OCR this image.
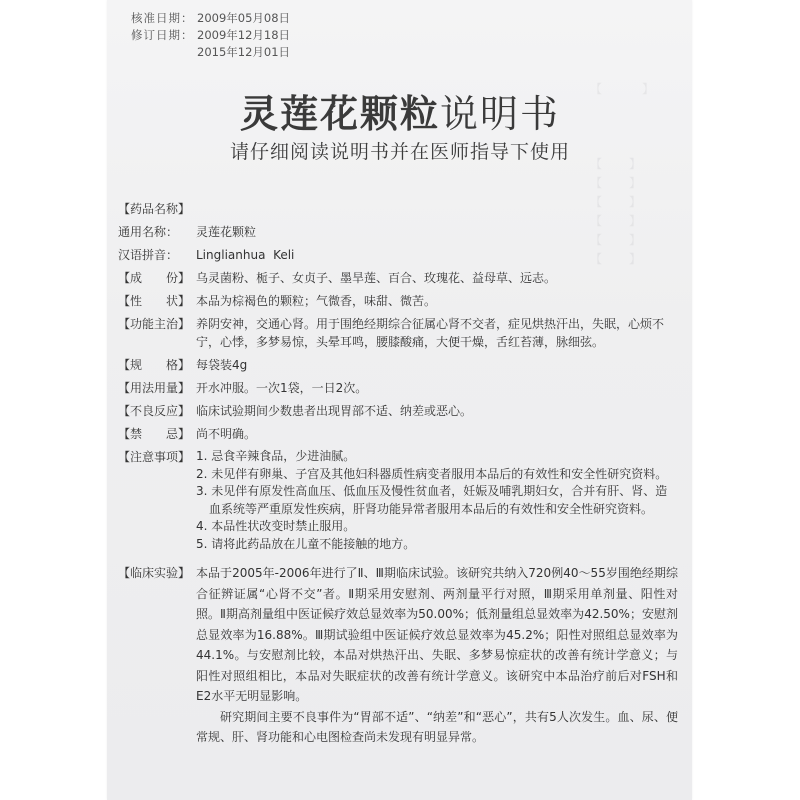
【　　　】
【　　】
【　　】
【　　】
【　　】
【　　】
【　　】
核准日期： 2009年05月08日
修订日期： 2009年12月18日
2015年12月01日
灵莲花颗粒说明书
请仔细阅读说明书并在医师指导下使用
【药品名称】
通用名称：	灵莲花颗粒
汉语拼音：	Linglianhua  Keli
【成　　份】 乌灵菌粉、栀子、女贞子、墨旱莲、百合、玫瑰花、益母草、远志。
【性　　状】 本品为棕褐色的颗粒；气微香，味甜、微苦。
【功能主治】 养阴安神，交通心肾。用于围绝经期综合征属心肾不交者，症见烘热汗出，失眠，心烦不宁，心悸，多梦易惊，头晕耳鸣，腰膝酸痛，大便干燥，舌红苔薄，脉细弦。
【规　　格】 每袋装4g
【用法用量】 开水冲服。一次1袋，一日2次。
【不良反应】 临床试验期间少数患者出现胃部不适、纳差或恶心。
【禁　　忌】 尚不明确。
【注意事项】 1. 忌食辛辣食品，少进油腻。
2. 未见伴有卵巢、子宫及其他妇科器质性病变者服用本品后的有效性和安全性研究资料。
3. 未见伴有原发性高血压、低血压及慢性贫血者，妊娠及哺乳期妇女，合并有肝、肾、造血系统等严重原发性疾病，肝肾功能异常者服用本品后的有效性和安全性研究资料。
4. 本品性状改变时禁止服用。
5. 请将此药品放在儿童不能接触的地方。
【临床实验】 本品于2005年-2006年进行了Ⅱ、Ⅲ期临床试验。该研究共纳入720例40～55岁围绝经期综合征辨证属“心肾不交”者。Ⅱ期采用安慰剂、两剂量平行对照，Ⅲ期采用单剂量、阳性对照。Ⅱ期高剂量组中医证候疗效总显效率为50.00%；低剂量组总显效率为42.50%；安慰剂总显效率为16.88%。Ⅲ期试验组中医证候疗效总显效率为45.2%；阳性对照组总显效率为44.1%。与安慰剂比较，本品对烘热汗出、失眠、多梦易惊症状的改善有统计学意义；与阳性对照组相比，本品对失眠症状的改善有统计学意义。该研究中本品治疗前后对FSH和E2水平无明显影响。

研究期间主要不良事件为“胃部不适”、“纳差”和“恶心”，共有5人次发生。血、尿、便常规、肝、肾功能和心电图检查尚未发现有明显异常。
